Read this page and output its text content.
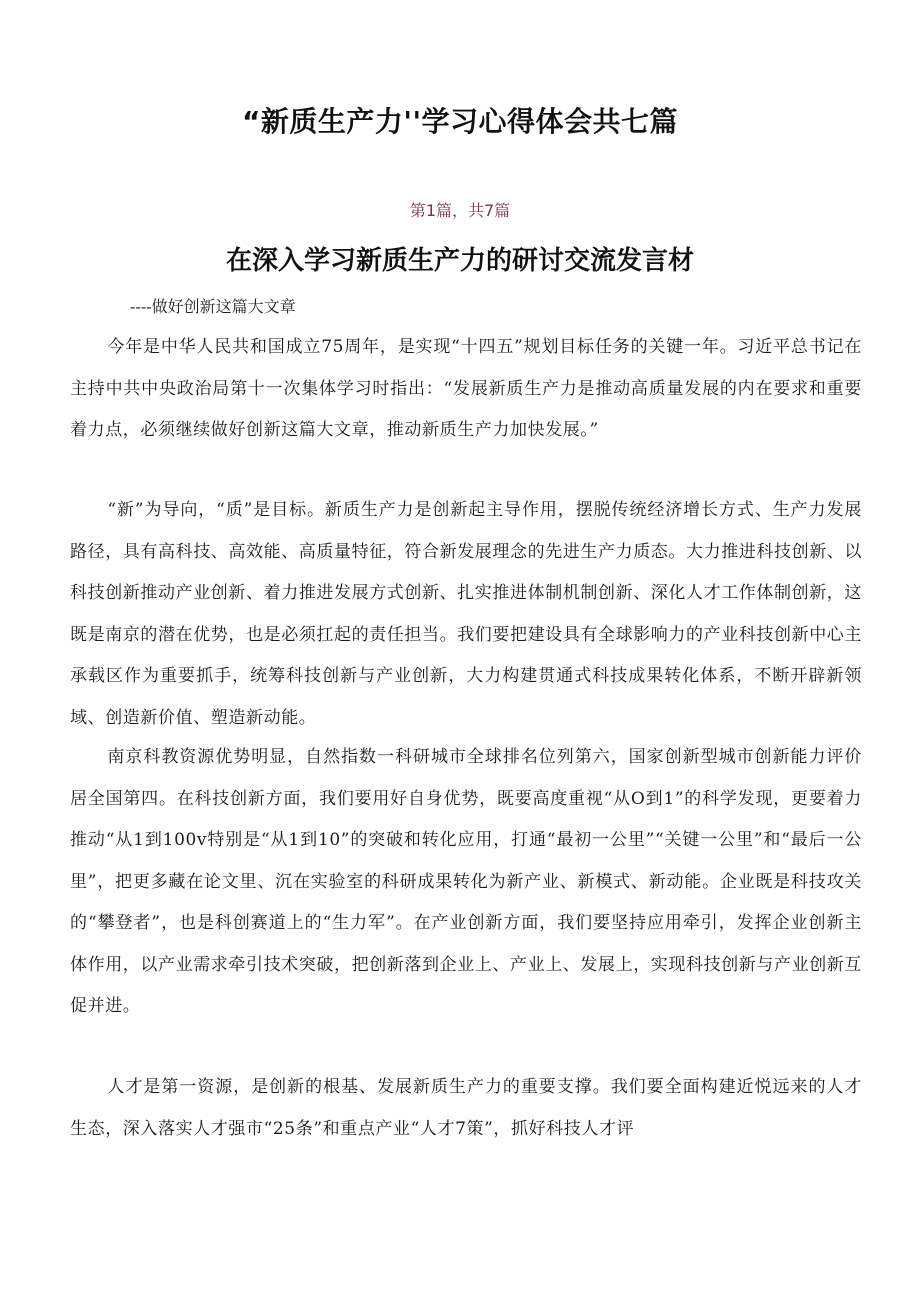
“新质生产力''学习心得体会共七篇
第1篇，共7篇
在深入学习新质生产力的研讨交流发言材
----做好创新这篇大文章

今年是中华人民共和国成立75周年，是实现“十四五”规划目标任务的关键一年。习近平总书记在主持中共中央政治局第十一次集体学习时指出：“发展新质生产力是推动高质量发展的内在要求和重要着力点，必须继续做好创新这篇大文章，推动新质生产力加快发展。”

“新”为导向，“质”是目标。新质生产力是创新起主导作用，摆脱传统经济增长方式、生产力发展路径，具有高科技、高效能、高质量特征，符合新发展理念的先进生产力质态。大力推进科技创新、以科技创新推动产业创新、着力推进发展方式创新、扎实推进体制机制创新、深化人才工作体制创新，这既是南京的潜在优势，也是必须扛起的责任担当。我们要把建设具有全球影响力的产业科技创新中心主承载区作为重要抓手，统筹科技创新与产业创新，大力构建贯通式科技成果转化体系，不断开辟新领域、创造新价值、塑造新动能。

南京科教资源优势明显，自然指数一科研城市全球排名位列第六，国家创新型城市创新能力评价居全国第四。在科技创新方面，我们要用好自身优势，既要高度重视“从O到1”的科学发现，更要着力推动“从1到100v特别是“从1到10”的突破和转化应用，打通“最初一公里”“关键一公里”和“最后一公里”，把更多藏在论文里、沉在实验室的科研成果转化为新产业、新模式、新动能。企业既是科技攻关的“攀登者”，也是科创赛道上的“生力军”。在产业创新方面，我们要坚持应用牵引，发挥企业创新主体作用，以产业需求牵引技术突破，把创新落到企业上、产业上、发展上，实现科技创新与产业创新互促并进。

人才是第一资源，是创新的根基、发展新质生产力的重要支撑。我们要全面构建近悦远来的人才生态，深入落实人才强市“25条”和重点产业“人才7策”，抓好科技人才评
